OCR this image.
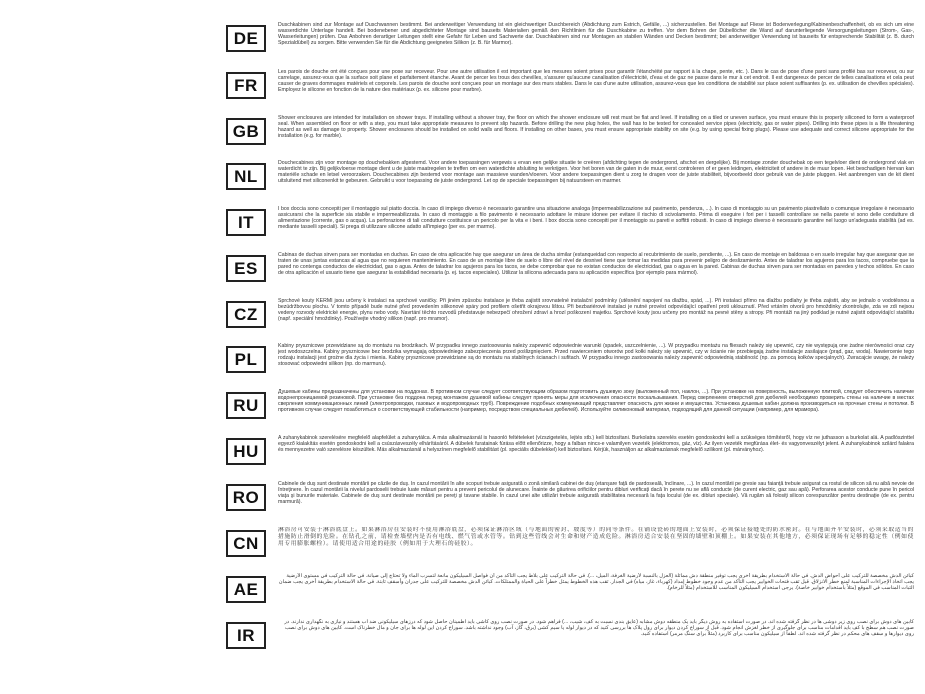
DE
Duschkabinen sind zur Montage auf Duschwannen bestimmt. Bei anderweitiger Verwendung ist ein gleichwertiger Duschbereich (Abdichtung zum Estrich, Gefälle, ...) sicherzustellen. Bei Montage auf Fliese ist Bodenverlegung/Kabinenbeschaffenheit, ob es sich um eine wasserdichte Unterlage handelt. Bei bodenebener und abgedichteter Montage sind bauseits Materialien gemäß den Richtlinien für die Duschkabine zu treffen. Vor dem Bohren der Dübellöcher die Wand auf darunterliegende Versorgungsleitungen (Strom-, Gas-, Wasserleitungen) prüfen. Das Anbohren derartiger Leitungen stellt eine Gefahr für Leben und Sachwerte dar. Duschkabinen sind nur Montagen an stabilen Wänden und Decken bestimmt; bei anderweitiger Verwendung ist bauseits für entsprechende Stabilität (z. B. durch Spezialdübel) zu sorgen. Bitte verwenden Sie für die Abdichtung geeignetes Silikon (z. B. für Marmor).
FR
Les parois de douche ont été conçues pour une pose sur receveur. Pour une autre utilisation il est important que les mesures soient prises pour garantir l'étanchéité par rapport à la chape, pente, etc. ). Dans le cas de pose d'une paroi sans profilé bas sur receveur, ou sur carrelage, assurez-vous que la surface soit plane et parfaitement étanche. Avant de percer les trous des chevilles, s'assurer qu'aucune canalisation d'électricité, d'eau et de gaz ne passe dans le mur à cet endroit. Il est dangereux de percer de telles canalisations et cela peut causer de graves dommages matériels et corporels. Les parois de douche sont conçues pour un montage sur des murs stables. Dans le cas d'une autre utilisation, assurez-vous que les conditions de stabilité sur place soient suffisantes (p. ex. utilisation de chevilles spéciales). Employez le silicone en fonction de la nature des matériaux (p. ex. silicone pour marbre).
GB
Shower enclosures are intended for installation on shower trays. If installing without a shower tray, the floor on which the shower enclosure will rest must be flat and level. If installing on a tiled or uneven surface, you must ensure this is properly siliconed to form a waterproof seal. When assembled on floor or with a step, you must take appropriate measures to prevent slip hazards. Before drilling the new plug holes, the wall has to be tested for concealed service pipes (electricity, gas or water pipes). Drilling into these pipes is a life threatening hazard as well as damage to property. Shower enclosures should be installed on solid walls and floors. If installing on other bases, you must ensure appropriate stability on site (e.g. by using special fixing plugs). Please use adequate and correct silicone appropriate for the installation (e.g. for marble).
NL
Douchecabines zijn voor montage op douchebakken afgestemd. Voor andere toepassingen vergewis u ervan een gelijke situatie te creëren (afdichting tegen de ondergrond, afschot en dergelijke). Bij montage zonder douchebak op een tegelvloer dient de ondergrond vlak en waterdicht te zijn. Bij gelijkvloerse montage dient u de juiste maatregelen te treffen om een waterdichte afsluiting te verkrijgen. Voor het boren van de gaten in de muur, eerst controleren of er geen leidingen, elektriciteit of andere in de muur lopen. Het beschadigen hiervan kan materiële schade en letsel veroorzaken. Douchecabines zijn bestemd voor montage aan massieve wanden/vloeren. Voor andere toepassingen dient u zorg te dragen voor de juiste stabiliteit, bijvoorbeeld door gebruik van de juiste pluggen. Het aanbrengen van de kit dient uitsluitend met siliconenkit te gebeuren. Gebruikt u voor toepassing de juiste ondergrond. Let op de speciale toepassingen bij natuursteen en marmer.
IT
I box doccia sono concepiti per il montaggio sul piatto doccia. In caso di impiego diverso è necessario garantire una situazione analoga (impermeabilizzazione sul pavimento, pendenza, ...). In caso di montaggio su un pavimento piastrellato o comunque irregolare è necessario assicurarsi che la superficie sia stabile e impermeabilizzata. In caso di montaggio a filo pavimento è necessario adottare le misure idonee per evitare il rischio di scivolamento. Prima di eseguire i fori per i tasselli controllare se nella parete vi sono delle condutture di alimentazione (corrente, gas o acqua). La perforazione di tali condutture costituisce un pericolo per la vita e i beni. I box doccia sono concepiti per il montaggio su pareti e soffitti robusti. In caso di impiego diverso è necessario garantire nel luogo un'adeguata stabilità (ad es. mediante tasselli speciali). Si prega di utilizzare silicone adatto all'impiego (per es. per marmo).
ES
Cabinas de duchas sirven para ser montadas en duchas. En caso de otra aplicación hay que asegurar un área de ducha similar (estanqueidad con respecto al recubrimiento de suelo, pendiente, ...). En caso de montaje en baldosas o en suelo irregular hay que asegurar que se traten de unas juntas estancas al agua que no requieren mantenimiento. En caso de un montaje libre de suelo o libre del nivel de desnivel tiene que tomar las medidas para prevenir peligro de deslizamiento. Antes de taladrar los agujeros para los tacos, compruebe que la pared no contenga conductos de electricidad, gas o agua. Antes de taladrar los agujeros para los tacos, se debe comprobar que no existan conductos de electricidad, gas o agua en la pared. Cabinas de duchas sirven para ser montadas en paredes y techos sólidos. En caso de otra aplicación el usuario tiene que asegurar la estabilidad necesaria (p. ej. tacos especiales). Utilizar la silicona adecuada para su aplicación específica (por ejemplo para mármol).
CZ
Sprchové kouty KERMI jsou určeny k instalaci na sprchové vaničky. Při jiném způsobu instalace je třeba zajistit srovnatelné instalační podmínky (utěsnění napojení na dlažbu, spád, ...). Při instalaci přímo na dlažbu podlahy je třeba zajistit, aby se jednalo o vodotěsnou a bezúdržbovou plochu. V tomto případě bude nutné před provedením silikonové spáry pod profilem ošetřit okrajovou lištou. Při bezbariérové instalaci je nutné provést odpovídající opatření proti uklouznutí. Před vrtáním otvorů pro hmoždinky zkontrolujte, zda ve zdi nejsou vedeny rozvody elektrické energie, plynu nebo vody. Navrtání těchto rozvodů představuje nebezpečí ohrožení zdraví a hrozí poškození majetku. Sprchové kouty jsou určeny pro montáž na pevné stěny a stropy. Při montáži na jiný podklad je nutné zajistit odpovídající stabilitu (např. speciální hmoždinky). Používejte vhodný silikon (např. pro mramor).
PL
Kabiny prysznicowe przewidziane są do montażu na brodzikach. W przypadku innego zastosowania należy zapewnić odpowiednie warunki (spadek, uszczelnienie, ...). W przypadku montażu na fliesach należy się upewnić, czy nie występują one żadne nierówności oraz czy jest wodoszczelna. Kabiny prysznicowe bez brodzika wymagają odpowiedniego zabezpieczenia przed poślizgnięciem. Przed nawierceniem otworów pod kołki należy się upewnić, czy w ścianie nie przebiegają żadne instalacje zasilające (prąd, gaz, woda). Nawiercenie tego rodzaju instalacji jest groźne dla życia i mienia. Kabiny prysznicowe przewidziane są do montażu na stabilnych ścianach i sufitach. W przypadku innego zastosowania należy zapewnić odpowiednią stabilność (np. za pomocą kołków specjalnych). Zwracajcie uwagę, że należy stosować odpowiedni silikon (np. do marmuru).
RU
Душевые кабины предназначены для установки на поддонах. В противном случае следует соответствующим образом подготовить душевую зону (выложенный пол, наклон, ...). При установке на поверхность, выложенную плиткой, следует обеспечить наличие водонепроницаемой резиновой. При установке без поддона перед монтажом душевой кабины следует принять меры для исключения опасности поскальзывания. Перед сверлением отверстий для дюбелей необходимо проверить стены на наличие в местах сверления коммуникационных линий (электропроводки, газовых и водопроводных труб). Повреждение подобных коммуникаций представляет опасность для жизни и имущества. Установка душевых кабин должна производиться на прочные стены и потолки. В противном случае следует позаботиться о соответствующей стабильности (например, посредством специальных дюбелей). Используйте силиконовый материал, подходящий для данной ситуации (например, для мрамора).
HU
A zuhanykabinok szerelésére megfelelő alapfelület a zuhanytálca. A más alkalmazásnál is hasonló feltételeket (vízszigetelés, lejtés stb.) kell biztosítani. Burkolatra szerelés esetén gondoskodni kell a szükséges tömítésről, hogy víz ne juthasson a burkolat alá. A padlószinttel egyező kialakítás esetén gondoskodni kell a csúszásveszély elhárításáról. A dübelek furatainak fúrása előtt ellenőrizze, hogy a falban nincs-e valamilyen vezeték (elektromos, gáz, víz). Az ilyen vezeték megfúrása élet- és vagyonveszélyt jelent. A zuhanykabinok szilárd falakra és mennyezetre való szerelésre készültek. Más alkalmazásnál a helyszínen megfelelő stabilitást (pl. speciális dübelekkel) kell biztosítani. Kérjük, használjon az alkalmazásnak megfelelő szilikont (pl. márványhoz).
RO
Cabinele de duş sunt destinate montării pe căzile de duş. În cazul montării în alte scopuri trebuie asigurată o zonă similară cabinei de duş (etanşare faţă de pardoseală, înclinare, ...). În cazul montării pe gresie sau faianţă trebuie asigurat ca rostul de silicon să nu aibă nevoie de întreţinere. În cazul montării la nivelul pardoselii trebuie luate măsuri pentru a preveni pericolul de alunecare. Înainte de găurirea orificiilor pentru dibluri verificaţi dacă în perete nu se află conducte (de curent electric, gaz sau apă). Perforarea acestor conducte pune în pericol viaţa şi bunurile materiale. Cabinele de duş sunt destinate montării pe pereţi şi tavane stabile. În cazul unei alte utilizări trebuie asigurată stabilitatea necesară la faţa locului (de ex. dibluri speciale). Vă rugăm să folosiţi silicon corespunzător pentru destinaţie (de ex. pentru marmură).
CN
淋浴房可安装于淋浴底盘上。如果淋浴房在安装时不使用淋浴底盘，必须保证淋浴区域（与地面的密封、坡度等）的同等条件。在铺设瓷砖的地面上安装时，必须保证接缝处的防水密封。在与地面齐平安装时，必须采取适当的措施防止滑倒的危险。在钻孔之前，请检查墙壁内是否有电线、燃气管或水管等。钻到这些管线会对生命和财产造成危险。淋浴房适合安装在坚固的墙壁和顶棚上。如果安装在其他地方，必须保证现场有足够的稳定性（例如使用专用膨胀螺栓）。请使用适合用途的硅胶（例如用于大理石的硅胶）。
AE
كبائن الدش مخصصة للتركيب على أحواض الدش. في حالة الاستخدام بطريقة أخرى يجب توفير منطقة دش مماثلة (العزل بالنسبة لأرضية الغرفة، الميل، ...). في حالة التركيب على بلاط يجب التأكد من أن فواصل السيليكون مانعة لتسرب الماء ولا تحتاج إلى صيانة. في حالة التركيب في مستوى الأرضية يجب اتخاذ الإجراءات المناسبة لمنع خطر الانزلاق. قبل ثقب فتحات الخوابير يجب التأكد من عدم وجود خطوط إمداد (كهرباء، غاز، مياه) في الجدار. ثقب هذه الخطوط يمثل خطراً على الحياة والممتلكات. كبائن الدش مخصصة للتركيب على جدران وأسقف ثابتة. في حالة الاستخدام بطريقة أخرى يجب ضمان الثبات المناسب في الموقع (مثلاً باستخدام خوابير خاصة). يرجى استخدام السيليكون المناسب للاستخدام (مثلاً للرخام).
IR
کابین های دوش برای نصب روی زیر دوشی ها در نظر گرفته شده اند. در صورت استفاده به روش دیگر باید یک منطقه دوش مشابه (عایق بندی نسبت به کف، شیب، ...) فراهم شود. در صورت نصب روی کاشی باید اطمینان حاصل شود که درزهای سیلیکونی ضد آب هستند و نیازی به نگهداری ندارند. در صورت نصب هم سطح با کف باید اقدامات مناسب برای جلوگیری از خطر لغزش انجام شود. قبل از سوراخ کردن دیوار برای رول پلاک ها بررسی کنید که در دیوار لوله یا سیم کشی (برق، گاز، آب) وجود نداشته باشد. سوراخ کردن این لوله ها برای جان و مال خطرناک است. کابین های دوش برای نصب روی دیوارها و سقف های محکم در نظر گرفته شده اند. لطفاً از سیلیکون مناسب برای کاربرد (مثلاً برای سنگ مرمر) استفاده کنید.
